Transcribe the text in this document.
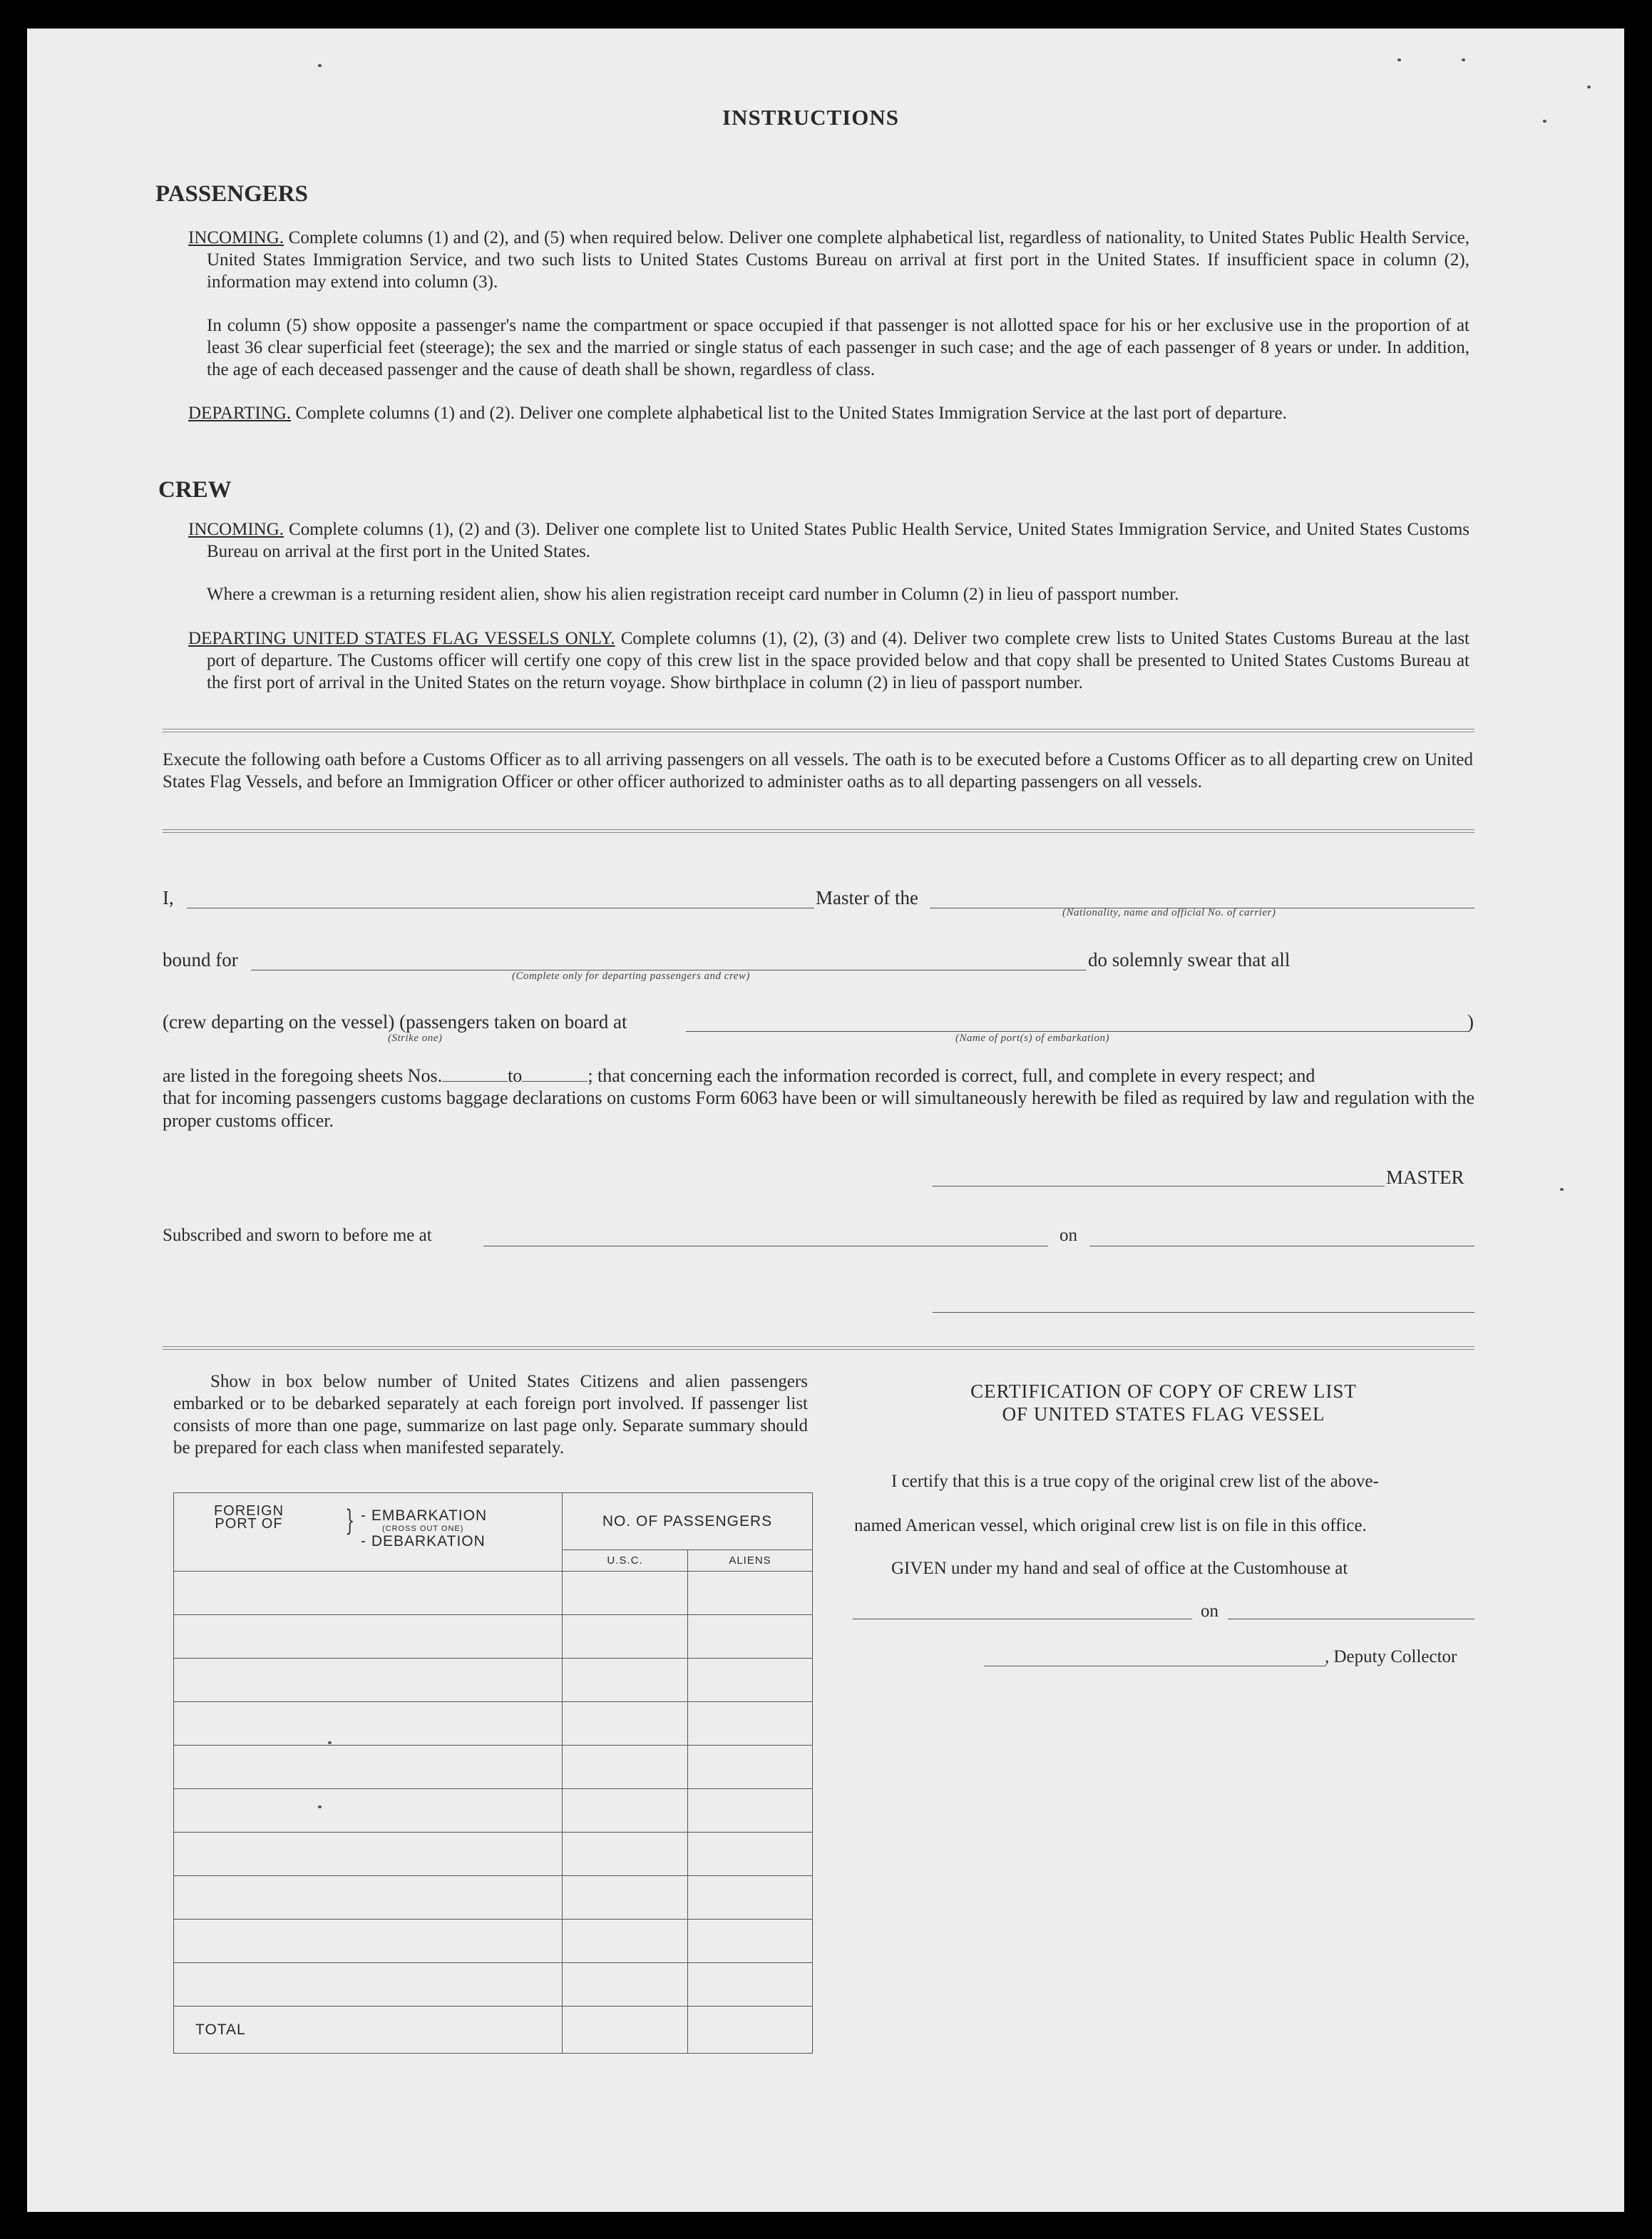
INSTRUCTIONS
PASSENGERS
INCOMING. Complete columns (1) and (2), and (5) when required below. Deliver one complete alphabetical list, regardless of nationality, to United States Public Health Service, United States Immigration Service, and two such lists to United States Customs Bureau on arrival at first port in the United States. If insufficient space in column (2), information may extend into column (3).
In column (5) show opposite a passenger's name the compartment or space occupied if that passenger is not allotted space for his or her exclusive use in the proportion of at least 36 clear superficial feet (steerage); the sex and the married or single status of each passenger in such case; and the age of each passenger of 8 years or under. In addition, the age of each deceased passenger and the cause of death shall be shown, regardless of class.
DEPARTING. Complete columns (1) and (2). Deliver one complete alphabetical list to the United States Immigration Service at the last port of departure.
CREW
INCOMING. Complete columns (1), (2) and (3). Deliver one complete list to United States Public Health Service, United States Immigration Service, and United States Customs Bureau on arrival at the first port in the United States.
Where a crewman is a returning resident alien, show his alien registration receipt card number in Column (2) in lieu of passport number.
DEPARTING UNITED STATES FLAG VESSELS ONLY. Complete columns (1), (2), (3) and (4). Deliver two complete crew lists to United States Customs Bureau at the last port of departure. The Customs officer will certify one copy of this crew list in the space provided below and that copy shall be presented to United States Customs Bureau at the first port of arrival in the United States on the return voyage. Show birthplace in column (2) in lieu of passport number.
Execute the following oath before a Customs Officer as to all arriving passengers on all vessels. The oath is to be executed before a Customs Officer as to all departing crew on United States Flag Vessels, and before an Immigration Officer or other officer authorized to administer oaths as to all departing passengers on all vessels.
I,	Master of the
(Nationality, name and official No. of carrier)
bound for
(Complete only for departing passengers and crew)
do solemnly swear that all
(crew departing on the vessel) (passengers taken on board at
(Strike one)	(Name of port(s) of embarkation)
)
are listed in the foregoing sheets Nos.	to	; that concerning each the information recorded is correct, full, and complete in every respect; and
that for incoming passengers customs baggage declarations on customs Form 6063 have been or will simultaneously herewith be filed as required by law and regulation with the proper customs officer.
MASTER
Subscribed and sworn to before me at	on
Show in box below number of United States Citizens and alien passengers embarked or to be debarked separately at each foreign port involved. If passenger list consists of more than one page, summarize on last page only. Separate summary should be prepared for each class when manifested separately.
FOREIGN PORT OF } - EMBARKATION
(CROSS OUT ONE)
- DEBARKATION	NO. OF PASSENGERS	
	U.S.C.	ALIENS

TOTAL		
CERTIFICATION OF COPY OF CREW LIST
OF UNITED STATES FLAG VESSEL
I certify that this is a true copy of the original crew list of the above-
named American vessel, which original crew list is on file in this office.
GIVEN under my hand and seal of office at the Customhouse at
on
, Deputy Collector
